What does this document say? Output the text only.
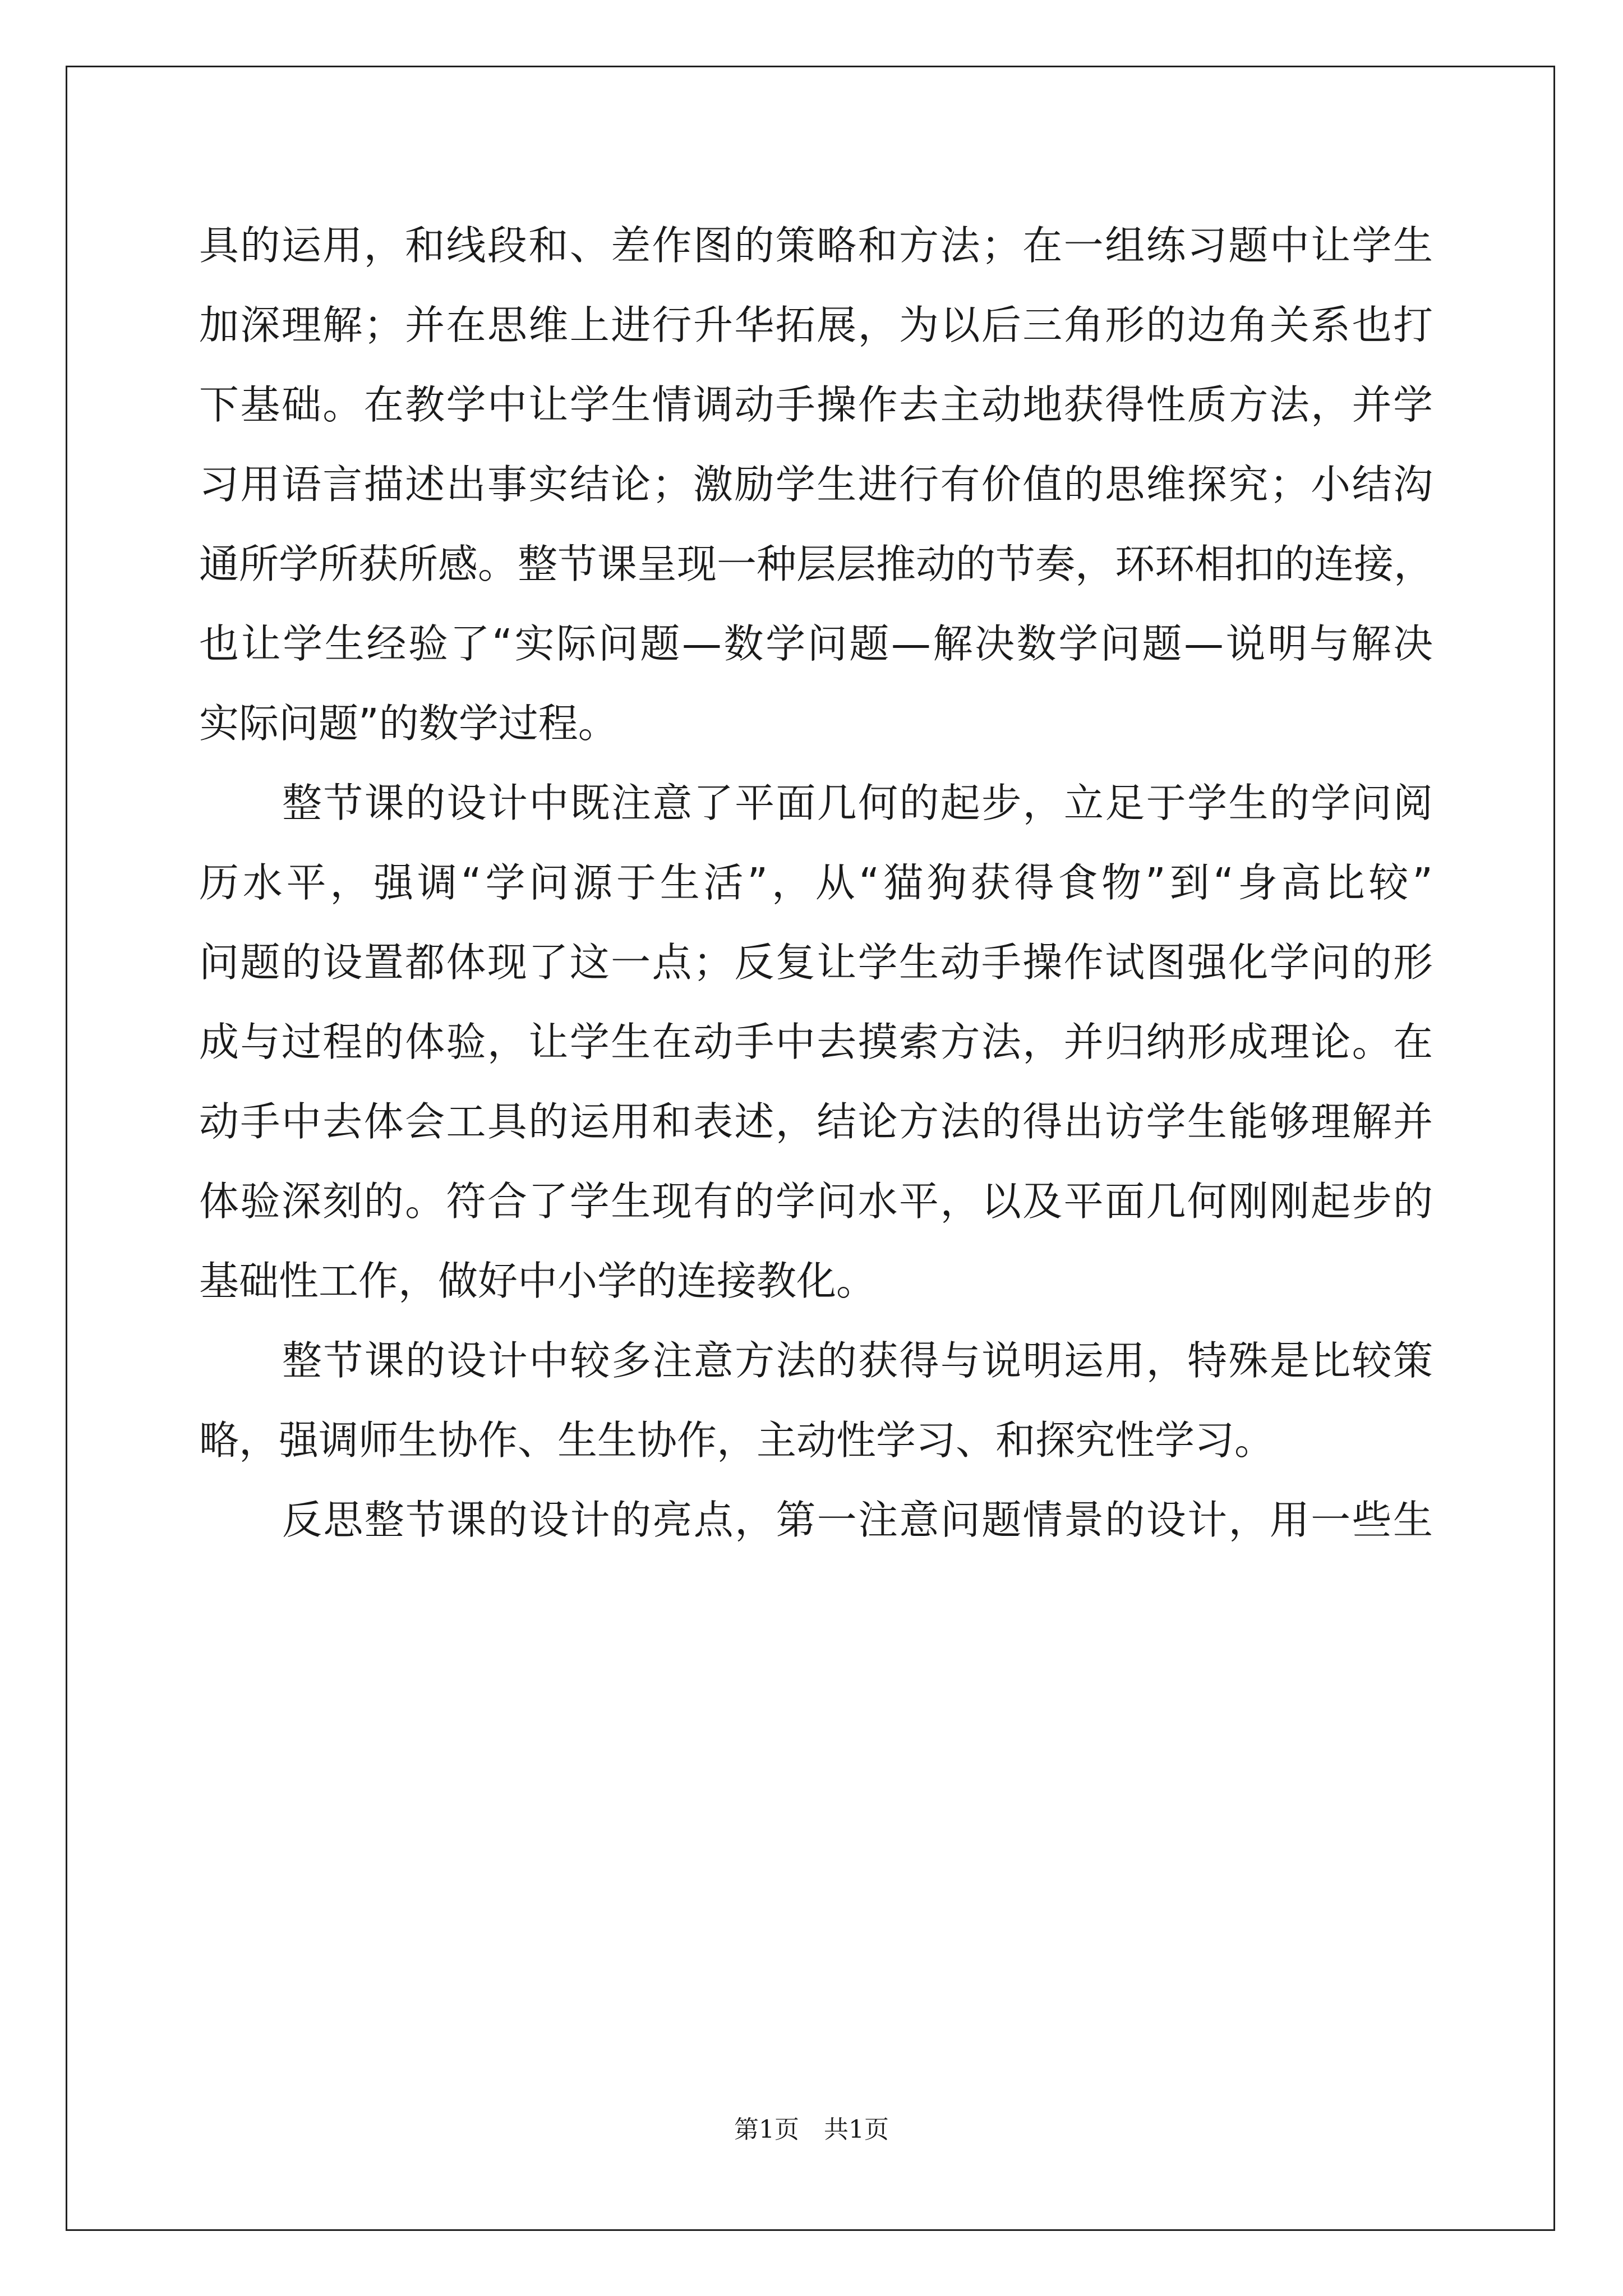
具的运用，和线段和、差作图的策略和方法；在一组练习题中让学生
加深理解；并在思维上进行升华拓展，为以后三角形的边角关系也打
下基础。在教学中让学生情调动手操作去主动地获得性质方法，并学
习用语言描述出事实结论；激励学生进行有价值的思维探究；小结沟
通所学所获所感。整节课呈现一种层层推动的节奏，环环相扣的连接，
也让学生经验了“实际问题—数学问题—解决数学问题—说明与解决
实际问题”的数学过程。
整节课的设计中既注意了平面几何的起步，立足于学生的学问阅
历水平，强调“学问源于生活”，从“猫狗获得食物”到“身高比较”
问题的设置都体现了这一点；反复让学生动手操作试图强化学问的形
成与过程的体验，让学生在动手中去摸索方法，并归纳形成理论。在
动手中去体会工具的运用和表述，结论方法的得出访学生能够理解并
体验深刻的。符合了学生现有的学问水平，以及平面几何刚刚起步的
基础性工作，做好中小学的连接教化。
整节课的设计中较多注意方法的获得与说明运用，特殊是比较策
略，强调师生协作、生生协作，主动性学习、和探究性学习。
反思整节课的设计的亮点，第一注意问题情景的设计，用一些生
第1页　共1页
